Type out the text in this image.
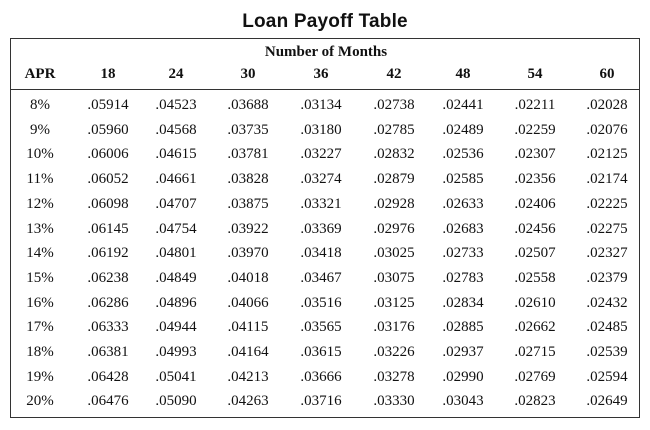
Loan Payoff Table
Number of Months
APR	18	24	30	36	42	48	54	60
8%	.05914	.04523	.03688	.03134	.02738	.02441	.02211	.02028
9%	.05960	.04568	.03735	.03180	.02785	.02489	.02259	.02076
10%	.06006	.04615	.03781	.03227	.02832	.02536	.02307	.02125
11%	.06052	.04661	.03828	.03274	.02879	.02585	.02356	.02174
12%	.06098	.04707	.03875	.03321	.02928	.02633	.02406	.02225
13%	.06145	.04754	.03922	.03369	.02976	.02683	.02456	.02275
14%	.06192	.04801	.03970	.03418	.03025	.02733	.02507	.02327
15%	.06238	.04849	.04018	.03467	.03075	.02783	.02558	.02379
16%	.06286	.04896	.04066	.03516	.03125	.02834	.02610	.02432
17%	.06333	.04944	.04115	.03565	.03176	.02885	.02662	.02485
18%	.06381	.04993	.04164	.03615	.03226	.02937	.02715	.02539
19%	.06428	.05041	.04213	.03666	.03278	.02990	.02769	.02594
20%	.06476	.05090	.04263	.03716	.03330	.03043	.02823	.02649
